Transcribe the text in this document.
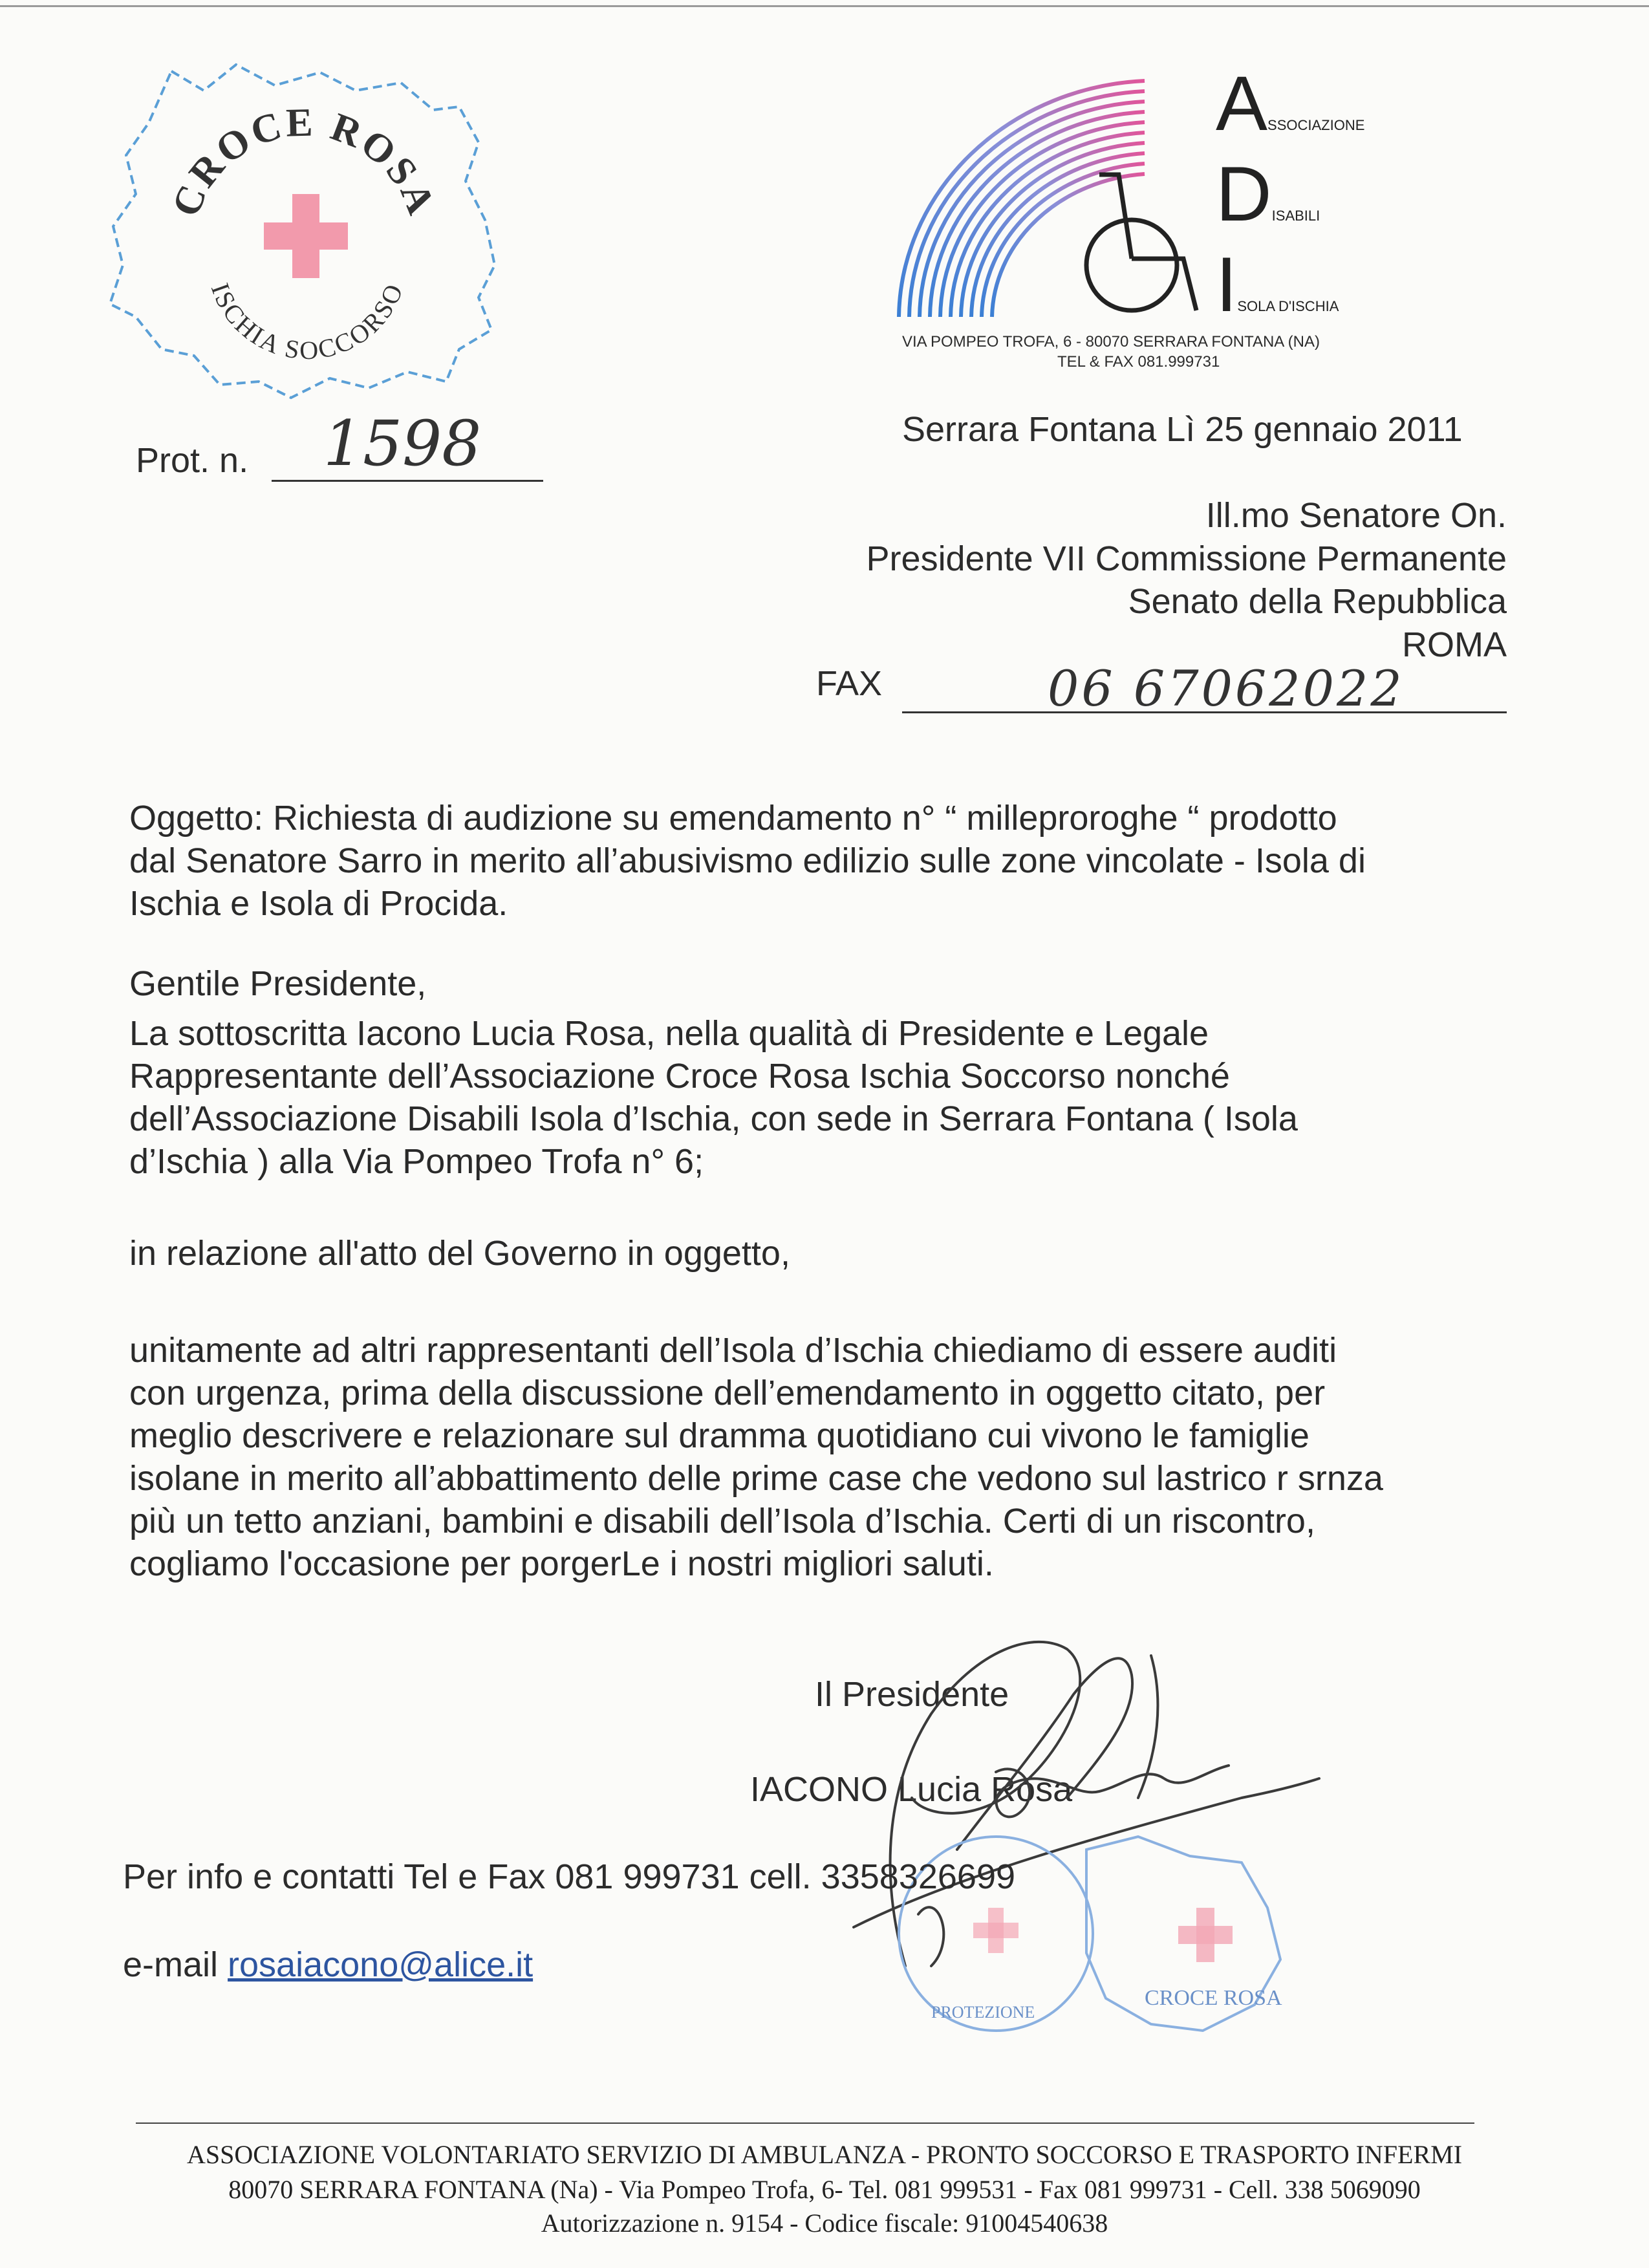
CROCE ROSA
ISCHIA SOCCORSO
ASSOCIAZIONE
DISABILI
ISOLA D'ISCHIA
VIA POMPEO TROFA, 6 - 80070 SERRARA FONTANA (NA)
TEL & FAX 081.999731
Prot. n. 1598	Serrara Fontana Lì 25 gennaio 2011
Ill.mo Senatore On.
Presidente VII Commissione Permanente
Senato della Repubblica
ROMA
FAX	06 67062022
Oggetto: Richiesta di audizione su emendamento n° “ milleproroghe “ prodotto
dal Senatore Sarro in merito all’abusivismo edilizio sulle zone vincolate - Isola di
Ischia e Isola di Procida.
Gentile Presidente,
La sottoscritta Iacono Lucia Rosa, nella qualità di Presidente e Legale
Rappresentante dell’Associazione Croce Rosa Ischia Soccorso nonché
dell’Associazione Disabili Isola d’Ischia, con sede in Serrara Fontana ( Isola
d’Ischia ) alla Via Pompeo Trofa n° 6;
in relazione all'atto del Governo in oggetto,
unitamente ad altri rappresentanti dell’Isola d’Ischia chiediamo di essere auditi
con urgenza, prima della discussione dell’emendamento in oggetto citato, per
meglio descrivere e relazionare sul dramma quotidiano cui vivono le famiglie
isolane in merito all’abbattimento delle prime case che vedono sul lastrico r srnza
più un tetto anziani, bambini e disabili dell’Isola d’Ischia. Certi di un riscontro,
cogliamo l'occasione per porgerLe i nostri migliori saluti.
Il Presidente
IACONO Lucia Rosa
PROTEZIONE
CROCE ROSA
Per info e contatti Tel e Fax 081 999731 cell. 3358326699
e-mail rosaiacono@alice.it
ASSOCIAZIONE VOLONTARIATO SERVIZIO DI AMBULANZA - PRONTO SOCCORSO E TRASPORTO INFERMI
80070 SERRARA FONTANA (Na) - Via Pompeo Trofa, 6- Tel. 081 999531 - Fax 081 999731 - Cell. 338 5069090
Autorizzazione n. 9154 - Codice fiscale: 91004540638
